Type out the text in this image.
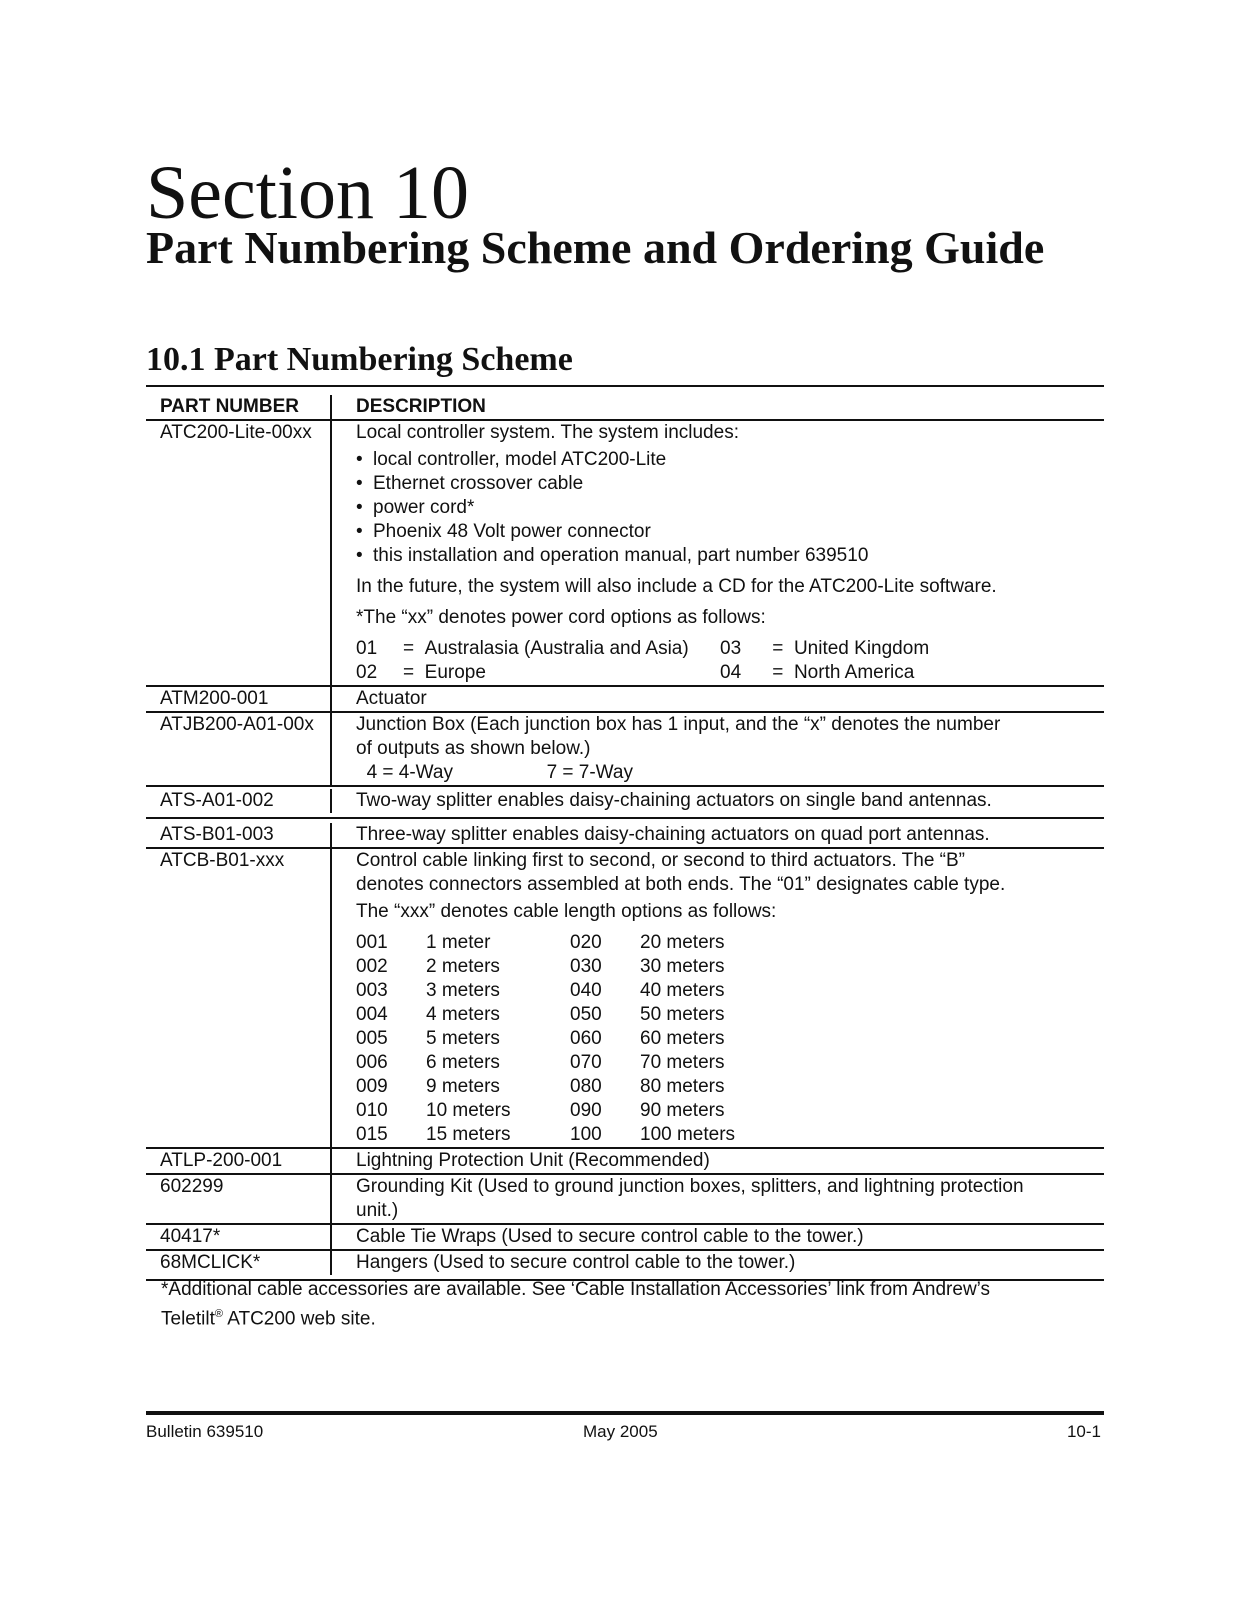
Section 10
Part Numbering Scheme and Ordering Guide
10.1 Part Numbering Scheme
PART NUMBER	DESCRIPTION
ATC200-Lite-00xx	Local controller system. The system includes:

• local controller, model ATC200-Lite
• Ethernet crossover cable
• power cord*
• Phoenix 48 Volt power connector
• this installation and operation manual, part number 639510

In the future, the system will also include a CD for the ATC200-Lite software.

*The “xx” denotes power cord options as follows:

01 = Australasia (Australia and Asia)	03 = United Kingdom
02 = Europe	04 = North America
ATM200-001	Actuator
ATJB200-A01-00x	Junction Box (Each junction box has 1 input, and the “x” denotes the number

of outputs as shown below.)

4 = 4-Way	7 = 7-Way

ATS-A01-002	Two-way splitter enables daisy-chaining actuators on single band antennas.
ATS-B01-003	Three-way splitter enables daisy-chaining actuators on quad port antennas.
ATCB-B01-xxx	Control cable linking first to second, or second to third actuators. The “B”

denotes connectors assembled at both ends. The “01” designates cable type.

The “xxx” denotes cable length options as follows:

001 1 meter	020 20 meters
002 2 meters	030 30 meters
003 3 meters	040 40 meters
004 4 meters	050 50 meters
005 5 meters	060 60 meters
006 6 meters	070 70 meters
009 9 meters	080 80 meters
010 10 meters	090 90 meters
015 15 meters	100 100 meters
ATLP-200-001	Lightning Protection Unit (Recommended)
602299	Grounding Kit (Used to ground junction boxes, splitters, and lightning protection

unit.)

40417*	Cable Tie Wraps (Used to secure control cable to the tower.)
68MCLICK*	Hangers (Used to secure control cable to the tower.)

*Additional cable accessories are available. See ‘Cable Installation Accessories’ link from Andrew’s
Teletilt® ATC200 web site.

Bulletin 639510	May 2005	10-1
